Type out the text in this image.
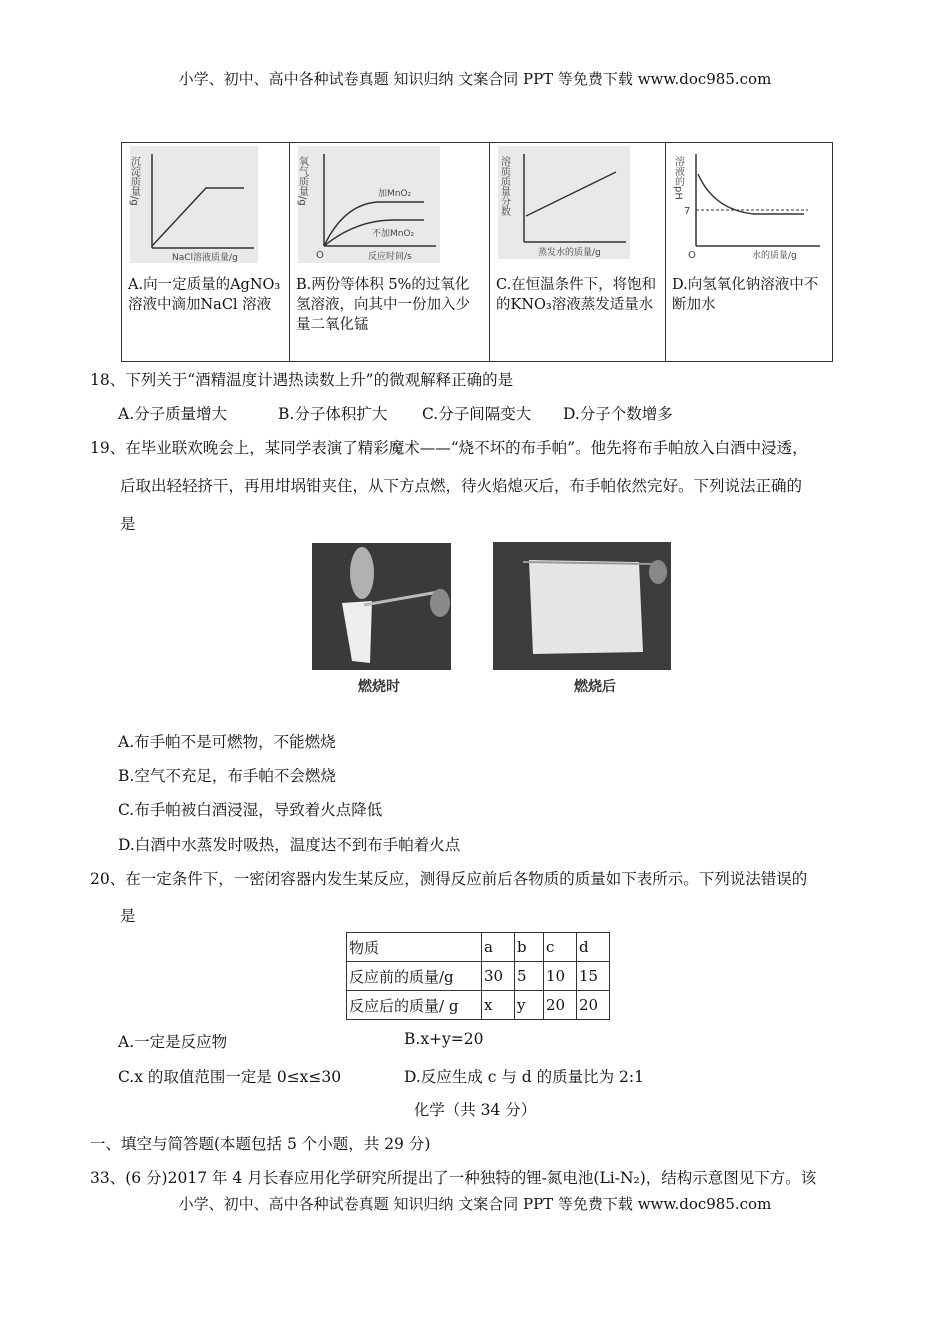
小学、初中、高中各种试卷真题 知识归纳 文案合同 PPT 等免费下载 www.doc985.com
沉淀质量/g
NaCl溶液质量/g
A.向一定质量的AgNO₃溶液中滴加NaCl 溶液

氧气质量/g
O
加MnO₂
不加MnO₂
反应时间/s
B.两份等体积 5%的过氧化氢溶液，向其中一份加入少量二氧化锰

溶质质量分数
蒸发水的质量/g
C.在恒温条件下，将饱和的KNO₃溶液蒸发适量水

溶液的pH
7
O	水的质量/g
D.向氢氧化钠溶液中不断加水
18、下列关于“酒精温度计遇热读数上升”的微观解释正确的是
A.分子质量增大	B.分子体积扩大 C.分子间隔变大 D.分子个数增多
19、在毕业联欢晚会上，某同学表演了精彩魔术——“烧不坏的布手帕”。他先将布手帕放入白酒中浸透，
后取出轻轻挤干，再用坩埚钳夹住，从下方点燃，待火焰熄灭后，布手帕依然完好。下列说法正确的
是
燃烧时	燃烧后
A.布手帕不是可燃物，不能燃烧
B.空气不充足，布手帕不会燃烧
C.布手帕被白酒浸湿，导致着火点降低
D.白酒中水蒸发时吸热，温度达不到布手帕着火点
20、在一定条件下，一密闭容器内发生某反应，测得反应前后各物质的质量如下表所示。下列说法错误的
是
物质	a	b	c	d
反应前的质量/g	30	5	10	15
反应后的质量/ g	x	y	20	20
A.一定是反应物	B.x+y=20
C.x 的取值范围一定是 0≤x≤30	D.反应生成 c 与 d 的质量比为 2:1
化学（共 34 分）
一、填空与简答题(本题包括 5 个小题，共 29 分)
33、(6 分)2017 年 4 月长春应用化学研究所提出了一种独特的锂-氮电池(Li-N₂)，结构示意图见下方。该
小学、初中、高中各种试卷真题 知识归纳 文案合同 PPT 等免费下载 www.doc985.com
